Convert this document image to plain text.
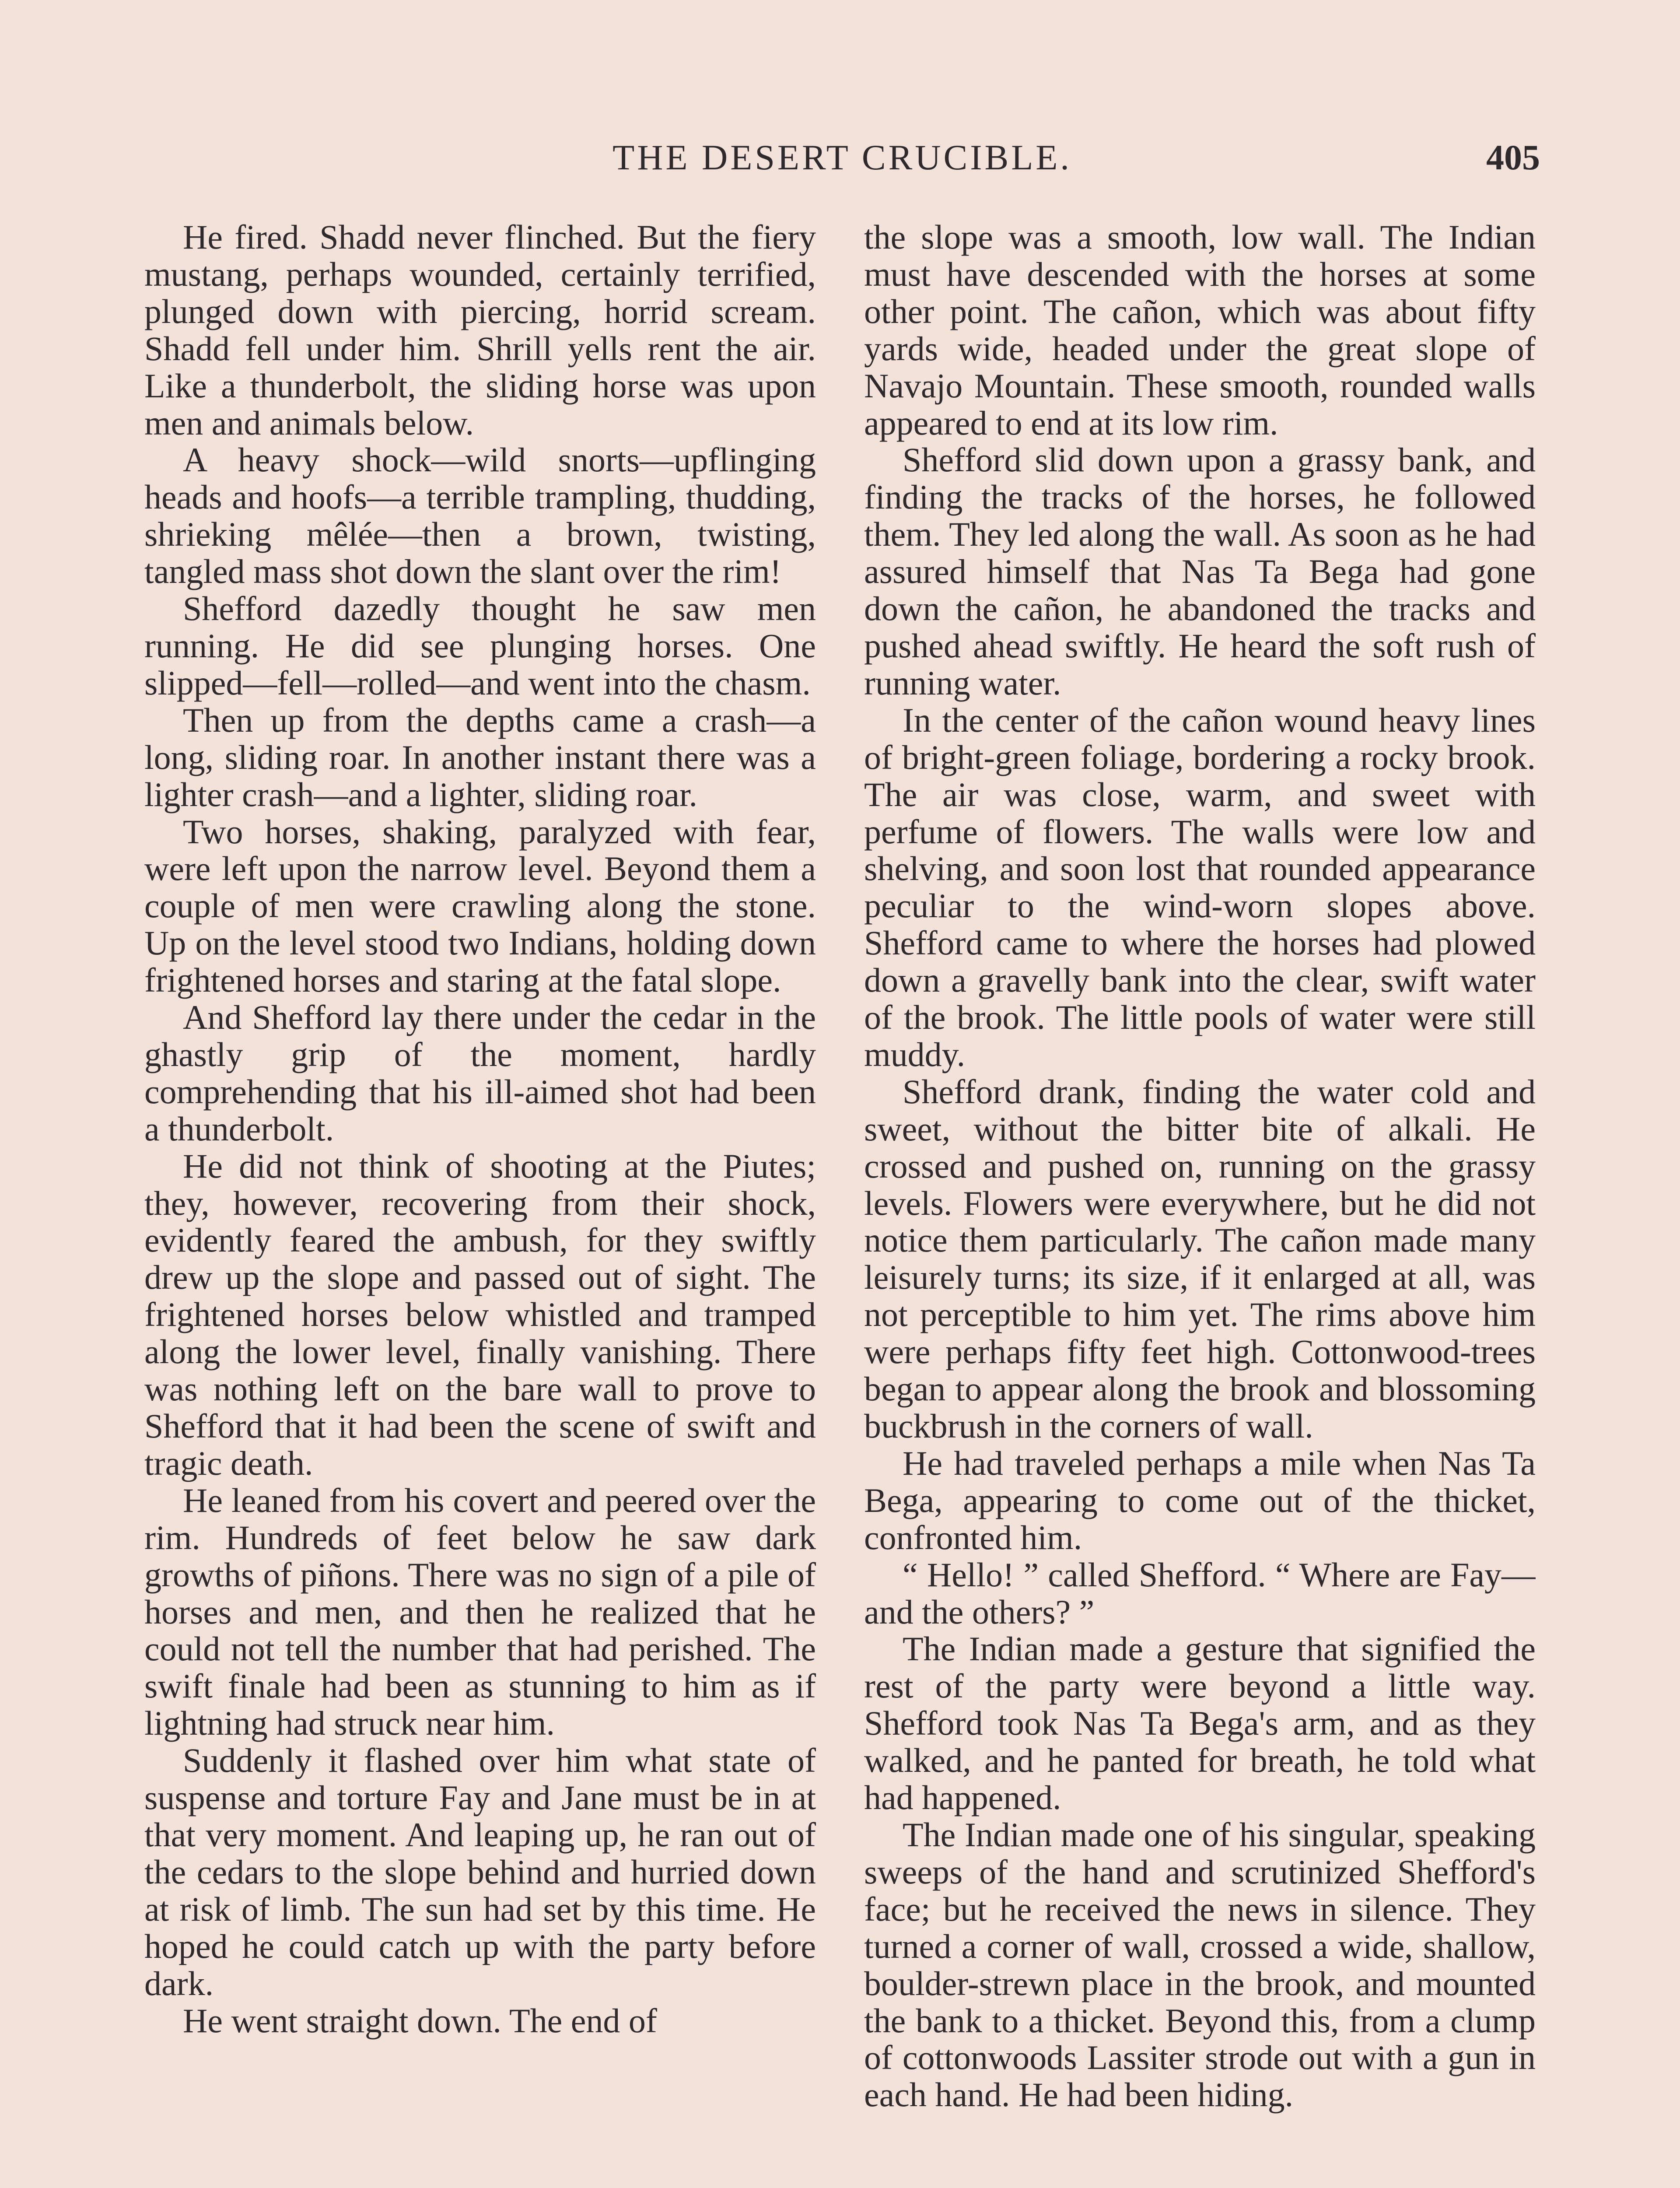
THE DESERT CRUCIBLE.	405

He fired. Shadd never flinched. But the fiery mustang, perhaps wounded, certainly terrified, plunged down with piercing, horrid scream. Shadd fell under him. Shrill yells rent the air. Like a thunderbolt, the sliding horse was upon men and animals below.

A heavy shock—wild snorts—upflinging heads and hoofs—a terrible trampling, thudding, shrieking mêlée—then a brown, twisting, tangled mass shot down the slant over the rim!

Shefford dazedly thought he saw men running. He did see plunging horses. One slipped—fell—rolled—and went into the chasm.

Then up from the depths came a crash—a long, sliding roar. In another instant there was a lighter crash—and a lighter, sliding roar.

Two horses, shaking, paralyzed with fear, were left upon the narrow level. Beyond them a couple of men were crawling along the stone. Up on the level stood two Indians, holding down frightened horses and staring at the fatal slope.

And Shefford lay there under the cedar in the ghastly grip of the moment, hardly comprehending that his ill-aimed shot had been a thunderbolt.

He did not think of shooting at the Piutes; they, however, recovering from their shock, evidently feared the ambush, for they swiftly drew up the slope and passed out of sight. The frightened horses below whistled and tramped along the lower level, finally vanishing. There was nothing left on the bare wall to prove to Shefford that it had been the scene of swift and tragic death.

He leaned from his covert and peered over the rim. Hundreds of feet below he saw dark growths of piñons. There was no sign of a pile of horses and men, and then he realized that he could not tell the number that had perished. The swift finale had been as stunning to him as if lightning had struck near him.

Suddenly it flashed over him what state of suspense and torture Fay and Jane must be in at that very moment. And leaping up, he ran out of the cedars to the slope behind and hurried down at risk of limb. The sun had set by this time. He hoped he could catch up with the party before dark.

He went straight down. The end of

the slope was a smooth, low wall. The Indian must have descended with the horses at some other point. The cañon, which was about fifty yards wide, headed under the great slope of Navajo Mountain. These smooth, rounded walls appeared to end at its low rim.

Shefford slid down upon a grassy bank, and finding the tracks of the horses, he followed them. They led along the wall. As soon as he had assured himself that Nas Ta Bega had gone down the cañon, he abandoned the tracks and pushed ahead swiftly. He heard the soft rush of running water.

In the center of the cañon wound heavy lines of bright-green foliage, bordering a rocky brook. The air was close, warm, and sweet with perfume of flowers. The walls were low and shelving, and soon lost that rounded appearance peculiar to the wind-worn slopes above. Shefford came to where the horses had plowed down a gravelly bank into the clear, swift water of the brook. The little pools of water were still muddy.

Shefford drank, finding the water cold and sweet, without the bitter bite of alkali. He crossed and pushed on, running on the grassy levels. Flowers were everywhere, but he did not notice them particularly. The cañon made many leisurely turns; its size, if it enlarged at all, was not perceptible to him yet. The rims above him were perhaps fifty feet high. Cottonwood-trees began to appear along the brook and blossoming buckbrush in the corners of wall.

He had traveled perhaps a mile when Nas Ta Bega, appearing to come out of the thicket, confronted him.

“ Hello! ” called Shefford. “ Where are Fay—and the others? ”

The Indian made a gesture that signified the rest of the party were beyond a little way. Shefford took Nas Ta Bega's arm, and as they walked, and he panted for breath, he told what had happened.

The Indian made one of his singular, speaking sweeps of the hand and scrutinized Shefford's face; but he received the news in silence. They turned a corner of wall, crossed a wide, shallow, boulder-strewn place in the brook, and mounted the bank to a thicket. Beyond this, from a clump of cottonwoods Lassiter strode out with a gun in each hand. He had been hiding.
